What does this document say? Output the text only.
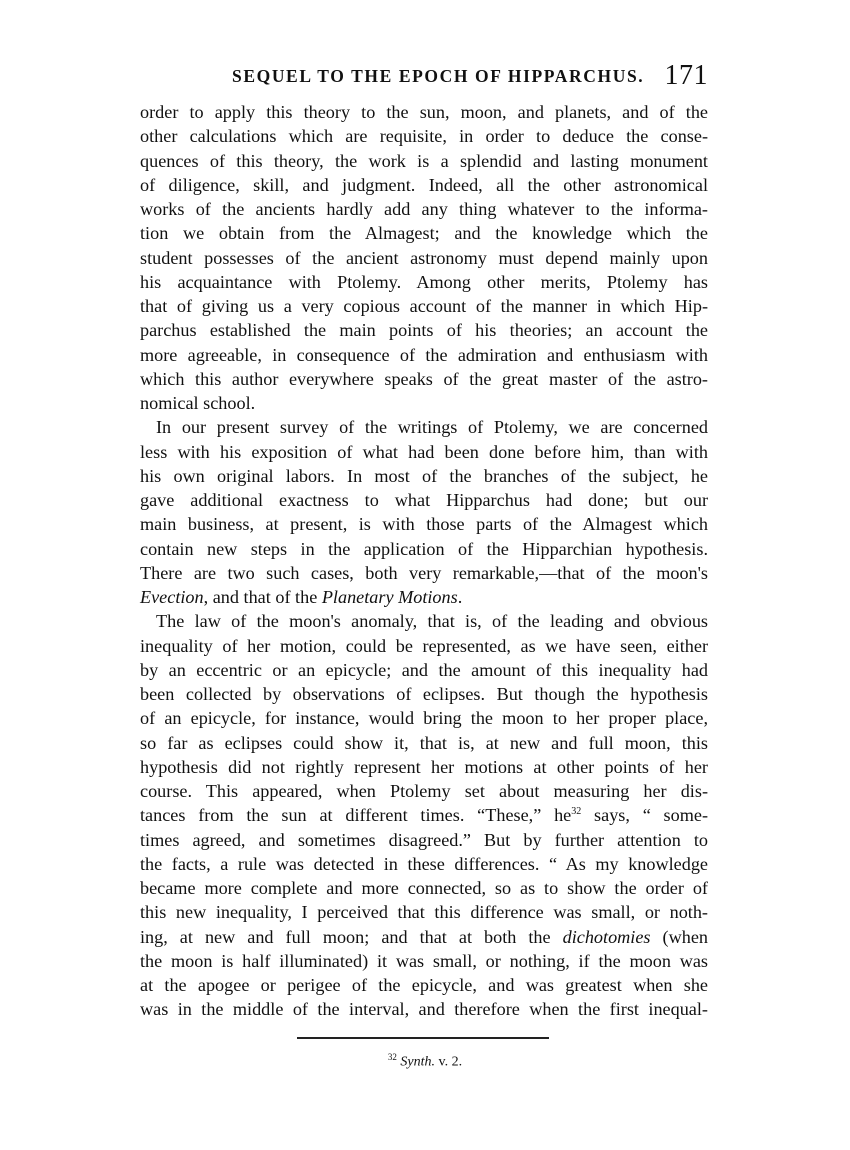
SEQUEL TO THE EPOCH OF HIPPARCHUS. 171
order to apply this theory to the sun, moon, and planets, and of the
other calculations which are requisite, in order to deduce the conse-
quences of this theory, the work is a splendid and lasting monument
of diligence, skill, and judgment. Indeed, all the other astronomical
works of the ancients hardly add any thing whatever to the informa-
tion we obtain from the Almagest; and the knowledge which the
student possesses of the ancient astronomy must depend mainly upon
his acquaintance with Ptolemy. Among other merits, Ptolemy has
that of giving us a very copious account of the manner in which Hip-
parchus established the main points of his theories; an account the
more agreeable, in consequence of the admiration and enthusiasm with
which this author everywhere speaks of the great master of the astro-
nomical school.
In our present survey of the writings of Ptolemy, we are concerned
less with his exposition of what had been done before him, than with
his own original labors. In most of the branches of the subject, he
gave additional exactness to what Hipparchus had done; but our
main business, at present, is with those parts of the Almagest which
contain new steps in the application of the Hipparchian hypothesis.
There are two such cases, both very remarkable,—that of the moon's
Evection, and that of the Planetary Motions.
The law of the moon's anomaly, that is, of the leading and obvious
inequality of her motion, could be represented, as we have seen, either
by an eccentric or an epicycle; and the amount of this inequality had
been collected by observations of eclipses. But though the hypothesis
of an epicycle, for instance, would bring the moon to her proper place,
so far as eclipses could show it, that is, at new and full moon, this
hypothesis did not rightly represent her motions at other points of her
course. This appeared, when Ptolemy set about measuring her dis-
tances from the sun at different times. “These,” $he^{32}$ says, “ some-
times agreed, and sometimes disagreed.” But by further attention to
the facts, a rule was detected in these differences. “ As my knowledge
became more complete and more connected, so as to show the order of
this new inequality, I perceived that this difference was small, or noth-
ing, at new and full moon; and that at both the dichotomies (when
the moon is half illuminated) it was small, or nothing, if the moon was
at the apogee or perigee of the epicycle, and was greatest when she
was in the middle of the interval, and therefore when the first inequal-
$^{32}$ Synth. v. 2.
